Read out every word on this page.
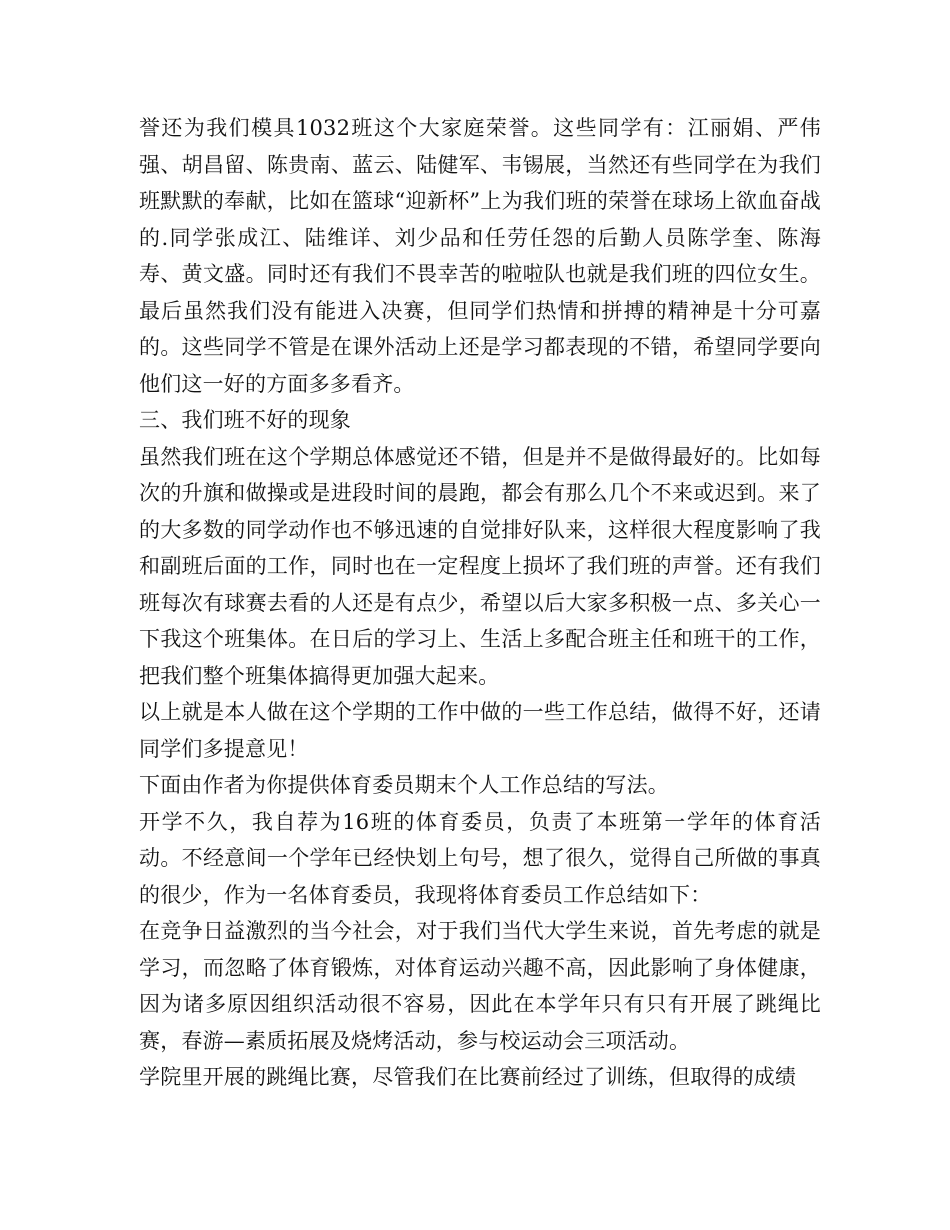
誉还为我们模具1032班这个大家庭荣誉。这些同学有：江丽娟、严伟强、胡昌留、陈贵南、蓝云、陆健军、韦锡展，当然还有些同学在为我们班默默的奉献，比如在篮球“迎新杯”上为我们班的荣誉在球场上欲血奋战的.同学张成江、陆维详、刘少品和任劳任怨的后勤人员陈学奎、陈海寿、黄文盛。同时还有我们不畏幸苦的啦啦队也就是我们班的四位女生。最后虽然我们没有能进入决赛，但同学们热情和拼搏的精神是十分可嘉的。这些同学不管是在课外活动上还是学习都表现的不错，希望同学要向他们这一好的方面多多看齐。

三、我们班不好的现象

虽然我们班在这个学期总体感觉还不错，但是并不是做得最好的。比如每次的升旗和做操或是进段时间的晨跑，都会有那么几个不来或迟到。来了的大多数的同学动作也不够迅速的自觉排好队来，这样很大程度影响了我和副班后面的工作，同时也在一定程度上损坏了我们班的声誉。还有我们班每次有球赛去看的人还是有点少，希望以后大家多积极一点、多关心一下我这个班集体。在日后的学习上、生活上多配合班主任和班干的工作，把我们整个班集体搞得更加强大起来。

以上就是本人做在这个学期的工作中做的一些工作总结，做得不好，还请同学们多提意见！

下面由作者为你提供体育委员期末个人工作总结的写法。

开学不久，我自荐为16班的体育委员，负责了本班第一学年的体育活动。不经意间一个学年已经快划上句号，想了很久，觉得自己所做的事真的很少，作为一名体育委员，我现将体育委员工作总结如下：

在竞争日益激烈的当今社会，对于我们当代大学生来说，首先考虑的就是学习，而忽略了体育锻炼，对体育运动兴趣不高，因此影响了身体健康，因为诸多原因组织活动很不容易，因此在本学年只有只有开展了跳绳比赛，春游—素质拓展及烧烤活动，参与校运动会三项活动。

学院里开展的跳绳比赛，尽管我们在比赛前经过了训练，但取得的成绩
